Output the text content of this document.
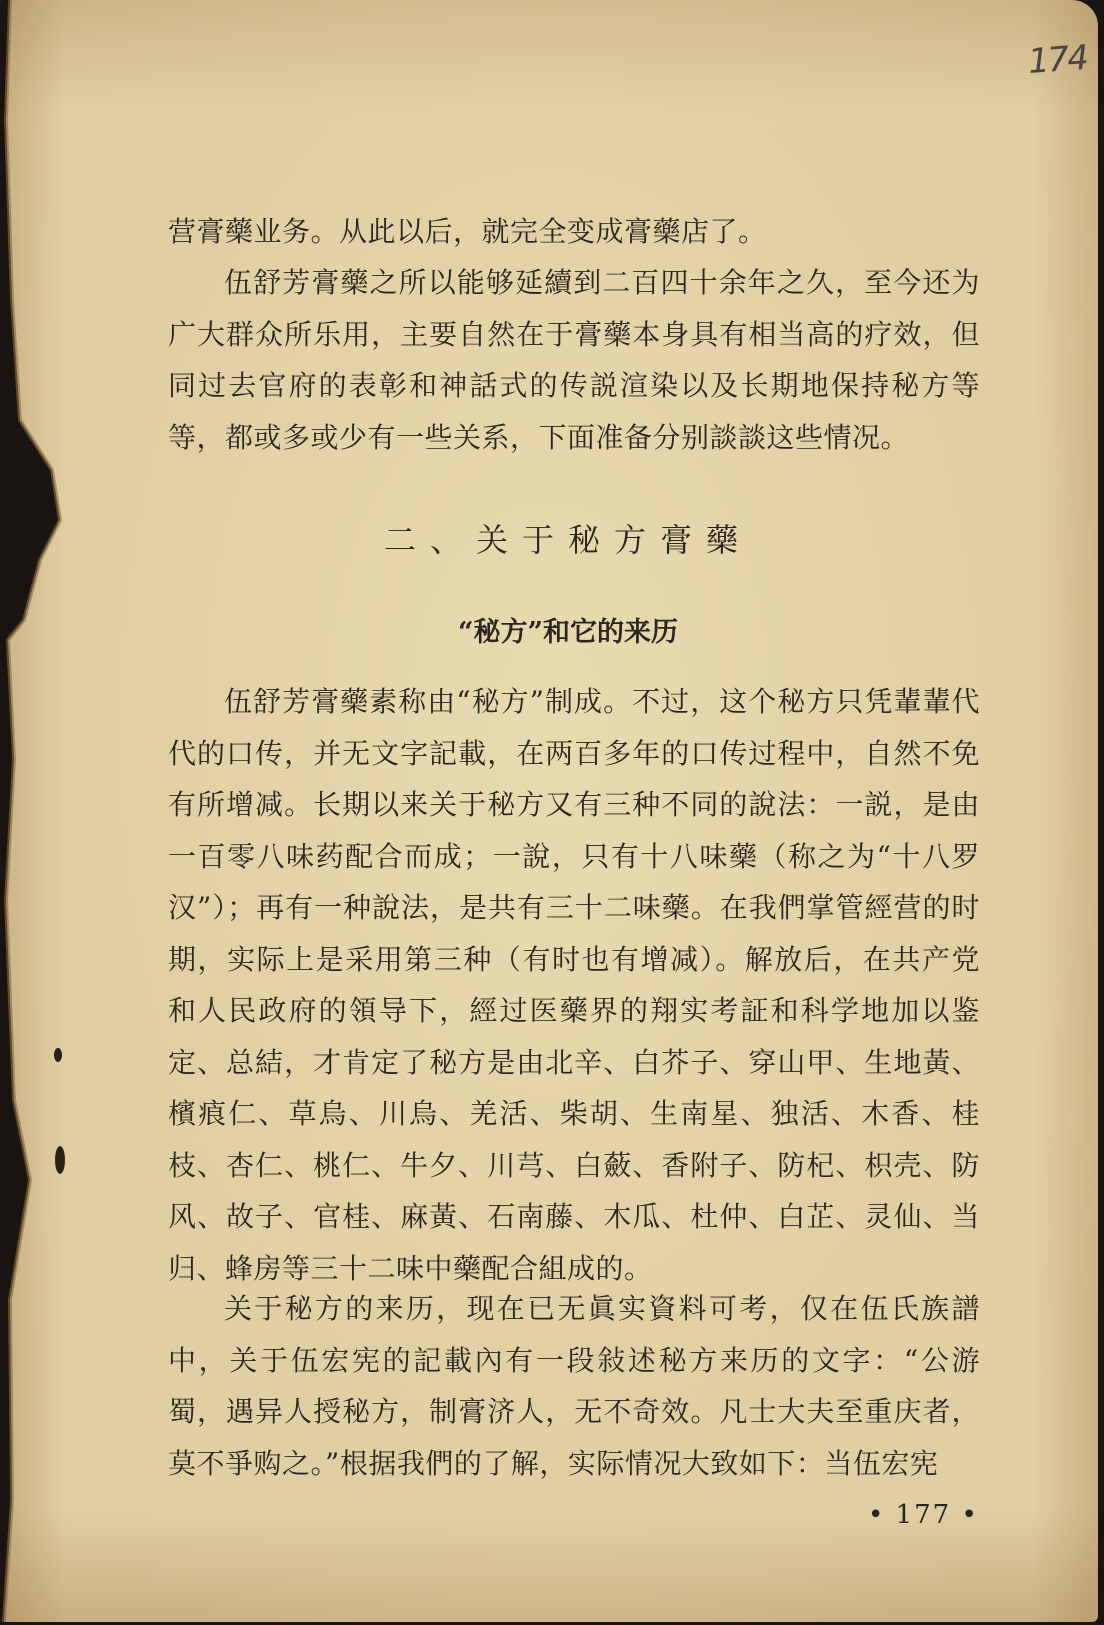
174
营膏藥业务。从此以后，就完全变成膏藥店了。
伍舒芳膏藥之所以能够延續到二百四十余年之久，至今还为广大群众所乐用，主要自然在于膏藥本身具有相当高的疗效，但同过去官府的表彰和神話式的传説渲染以及长期地保持秘方等等，都或多或少有一些关系，下面准备分别談談这些情况。
二、关于秘方膏藥
“秘方”和它的来历
伍舒芳膏藥素称由“秘方”制成。不过，这个秘方只凭輩輩代代的口传，并无文字記載，在两百多年的口传过程中，自然不免有所增减。长期以来关于秘方又有三种不同的說法：一説，是由一百零八味药配合而成；一說，只有十八味藥（称之为“十八罗汉”）；再有一种說法，是共有三十二味藥。在我們掌管經营的时期，实际上是采用第三种（有时也有增减）。解放后，在共产党和人民政府的領导下，經过医藥界的翔实考証和科学地加以鉴定、总結，才肯定了秘方是由北辛、白芥子、穿山甲、生地黃、檳㾗仁、草烏、川烏、羌活、柴胡、生南星、独活、木香、桂枝、杏仁、桃仁、牛夕、川芎、白蘞、香附子、防杞、枳壳、防风、故子、官桂、麻黃、石南藤、木瓜、杜仲、白芷、灵仙、当归、蜂房等三十二味中藥配合組成的。
关于秘方的来历，现在已无眞实資料可考，仅在伍氏族譜中，关于伍宏宪的記載內有一段敍述秘方来历的文字：“公游蜀，遇异人授秘方，制膏济人，无不奇效。凡士大夫至重庆者，莫不爭购之。”根据我們的了解，实际情况大致如下：当伍宏宪
• 177 •
